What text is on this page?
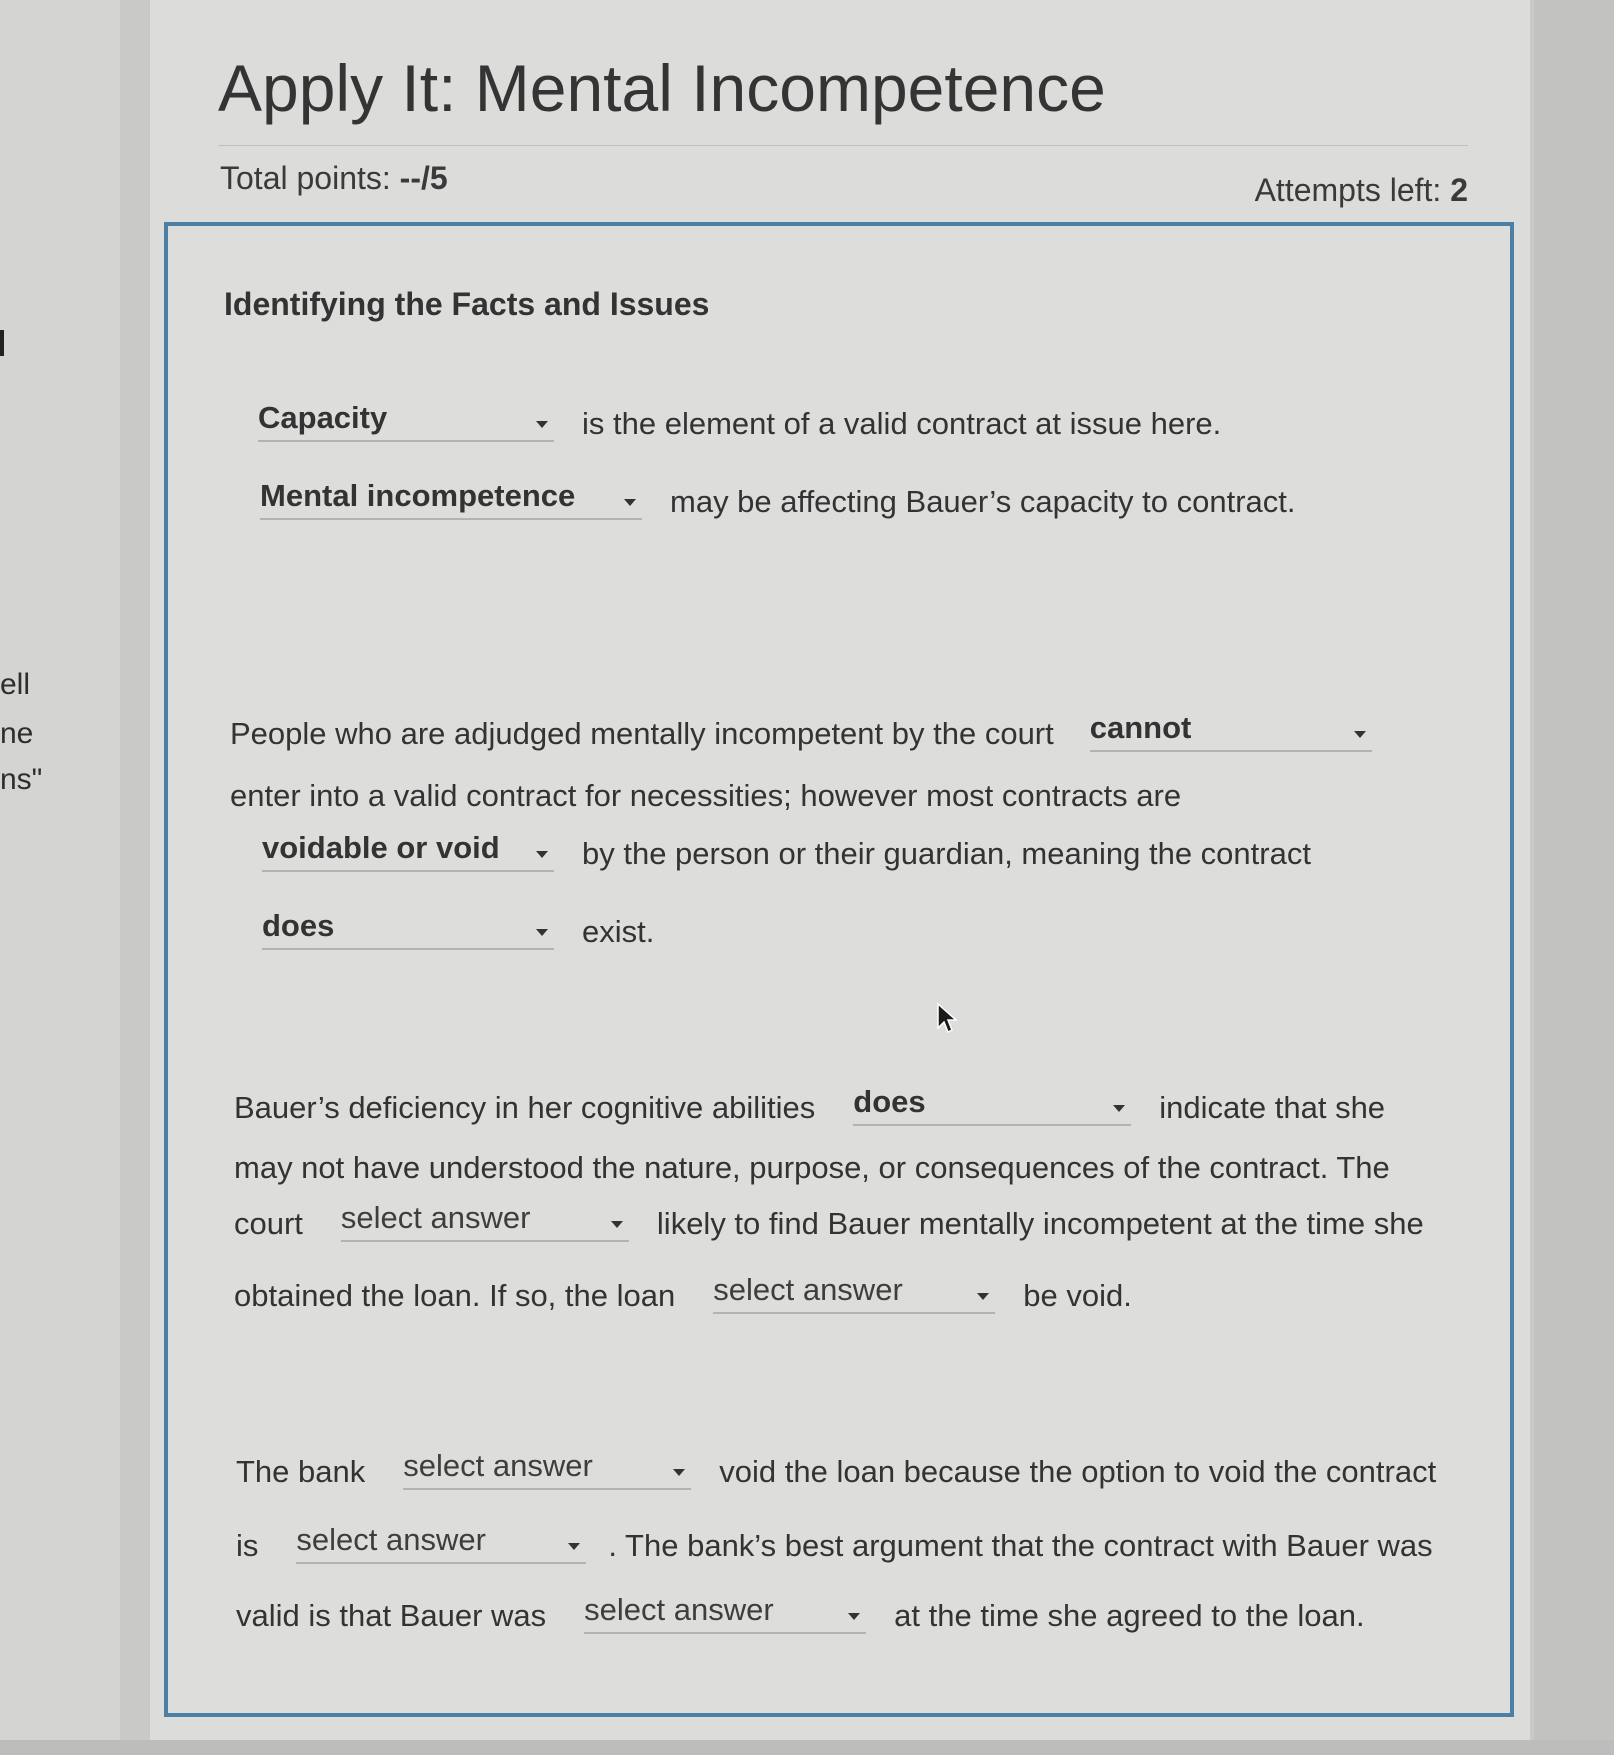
ell
ne
ns"
Apply It: Mental Incompetence
Total points: --/5	Attempts left: 2
Identifying the Facts and Issues
Capacity	is the element of a valid contract at issue here.
Mental incompetence	may be affecting Bauer’s capacity to contract.
People who are adjudged mentally incompetent by the court cannot
enter into a valid contract for necessities; however most contracts are
voidable or void	by the person or their guardian, meaning the contract
does	exist.
Bauer’s deficiency in her cognitive abilities does	indicate that she
may not have understood the nature, purpose, or consequences of the contract. The
court select answer	likely to find Bauer mentally incompetent at the time she
obtained the loan. If so, the loan select answer	be void.
The bank select answer	void the loan because the option to void the contract
is select answer	. The bank’s best argument that the contract with Bauer was
valid is that Bauer was select answer	at the time she agreed to the loan.
